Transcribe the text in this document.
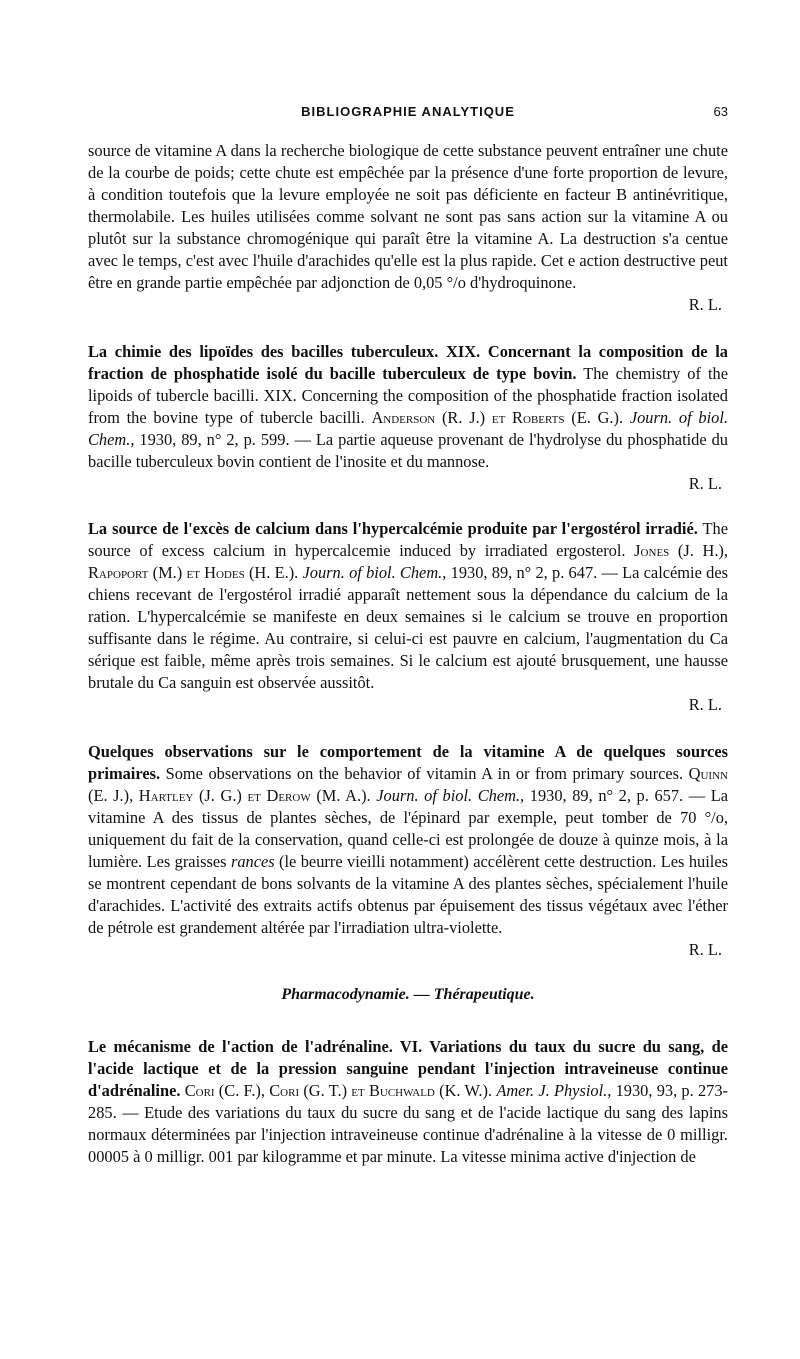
BIBLIOGRAPHIE ANALYTIQUE	63

source de vitamine A dans la recherche biologique de cette substance peuvent entraîner une chute de la courbe de poids; cette chute est empêchée par la présence d'une forte proportion de levure, à condition toutefois que la levure employée ne soit pas déficiente en facteur B antinévritique, thermolabile. Les huiles utilisées comme solvant ne sont pas sans action sur la vitamine A ou plutôt sur la substance chromogénique qui paraît être la vitamine A. La destruction s'a centue avec le temps, c'est avec l'huile d'arachides qu'elle est la plus rapide. Cet e action destructive peut être en grande partie empêchée par adjonction de 0,05 °/o d'hydroquinone.

R. L.

La chimie des lipoïdes des bacilles tuberculeux. XIX. Concernant la composition de la fraction de phosphatide isolé du bacille tuberculeux de type bovin. The chemistry of the lipoids of tubercle bacilli. XIX. Concerning the composition of the phosphatide fraction isolated from the bovine type of tubercle bacilli. Anderson (R. J.) et Roberts (E. G.). Journ. of biol. Chem., 1930, 89, n° 2, p. 599. — La partie aqueuse provenant de l'hydrolyse du phosphatide du bacille tuberculeux bovin contient de l'inosite et du mannose.

R. L.

La source de l'excès de calcium dans l'hypercalcémie produite par l'ergostérol irradié. The source of excess calcium in hypercalcemie induced by irradiated ergosterol. Jones (J. H.), Rapoport (M.) et Hodes (H. E.). Journ. of biol. Chem., 1930, 89, n° 2, p. 647. — La calcémie des chiens recevant de l'ergostérol irradié apparaît nettement sous la dépendance du calcium de la ration. L'hypercalcémie se manifeste en deux semaines si le calcium se trouve en proportion suffisante dans le régime. Au contraire, si celui-ci est pauvre en calcium, l'augmentation du Ca sérique est faible, même après trois semaines. Si le calcium est ajouté brusquement, une hausse brutale du Ca sanguin est observée aussitôt.

R. L.

Quelques observations sur le comportement de la vitamine A de quelques sources primaires. Some observations on the behavior of vitamin A in or from primary sources. Quinn (E. J.), Hartley (J. G.) et Derow (M. A.). Journ. of biol. Chem., 1930, 89, n° 2, p. 657. — La vitamine A des tissus de plantes sèches, de l'épinard par exemple, peut tomber de 70 °/o, uniquement du fait de la conservation, quand celle-ci est prolongée de douze à quinze mois, à la lumière. Les graisses rances (le beurre vieilli notamment) accélèrent cette destruction. Les huiles se montrent cependant de bons solvants de la vitamine A des plantes sèches, spécialement l'huile d'arachides. L'activité des extraits actifs obtenus par épuisement des tissus végétaux avec l'éther de pétrole est grandement altérée par l'irradiation ultra-violette.

R. L.

Pharmacodynamie. — Thérapeutique.

Le mécanisme de l'action de l'adrénaline. VI. Variations du taux du sucre du sang, de l'acide lactique et de la pression sanguine pendant l'injection intraveineuse continue d'adrénaline. Cori (C. F.), Cori (G. T.) et Buchwald (K. W.). Amer. J. Physiol., 1930, 93, p. 273-285. — Etude des variations du taux du sucre du sang et de l'acide lactique du sang des lapins normaux déterminées par l'injection intraveineuse continue d'adrénaline à la vitesse de 0 milligr. 00005 à 0 milligr. 001 par kilogramme et par minute. La vitesse minima active d'injection de
